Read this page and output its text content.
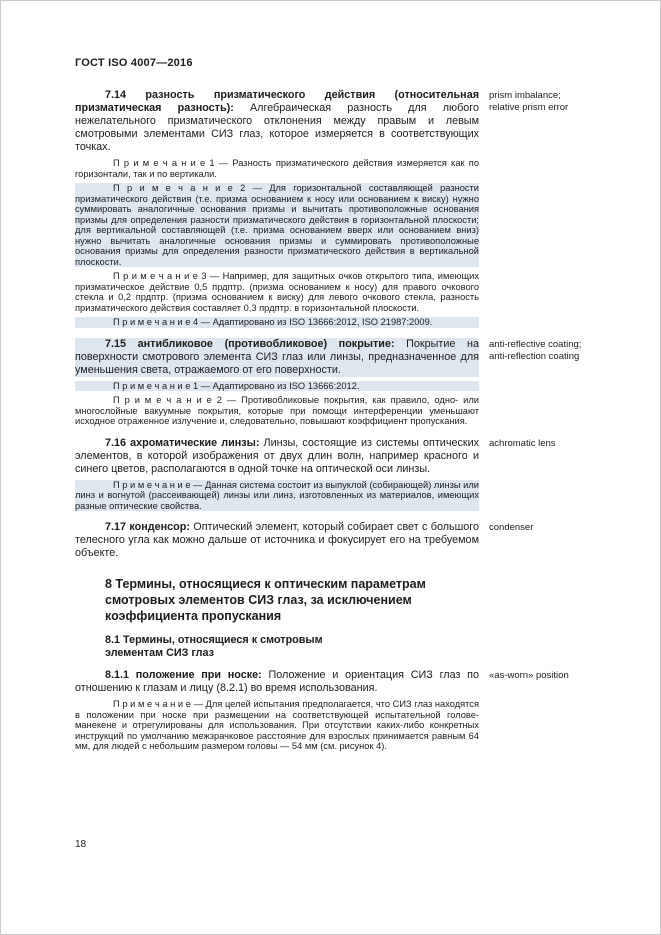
ГОСТ ISO 4007—2016

7.14 разность призматического действия (относительная призматическая разность): Алгебраическая разность для любого нежелательного призматического отклонения между правым и левым смотровыми элементами СИЗ глаз, которое измеряется в соответствующих точках.

П р и м е ч а н и е 1 — Разность призматического действия измеряется как по горизонтали, так и по вертикали.

П р и м е ч а н и е 2 — Для горизонтальной составляющей разности призматического действия (т.е. призма основанием к носу или основанием к виску) нужно суммировать аналогичные основания призмы и вычитать противоположные основания призмы для определения разности призматического действия в горизонтальной плоскости; для вертикальной составляющей (т.е. призма основанием вверх или основанием вниз) нужно вычитать аналогичные основания призмы и суммировать противоположные основания призмы для определения разности призматического действия в вертикальной плоскости.

П р и м е ч а н и е 3 — Например, для защитных очков открытого типа, имеющих призматическое действие 0,5 прдптр. (призма основанием к носу) для правого очкового стекла и 0,2 прдптр. (призма основанием к виску) для левого очкового стекла, разность призматического действия составляет 0,3 прдптр. в горизонтальной плоскости.

П р и м е ч а н и е 4 — Адаптировано из ISO 13666:2012, ISO 21987:2009.

prism imbalance;
relative prism error

7.15 антибликовое (противобликовое) покрытие: Покрытие на поверхности смотрового элемента СИЗ глаз или линзы, предназначенное для уменьшения света, отражаемого от его поверхности.

П р и м е ч а н и е 1 — Адаптировано из ISO 13666:2012.

П р и м е ч а н и е 2 — Противобликовые покрытия, как правило, одно- или многослойные вакуумные покрытия, которые при помощи интерференции уменьшают исходное отраженное излучение и, следовательно, повышают коэффициент пропускания.

anti-reflective coating;
anti-reflection coating

7.16 ахроматические линзы: Линзы, состоящие из системы оптических элементов, в которой изображения от двух длин волн, например красного и синего цветов, располагаются в одной точке на оптической оси линзы.

П р и м е ч а н и е — Данная система состоит из выпуклой (собирающей) линзы или линз и вогнутой (рассеивающей) линзы или линз, изготовленных из материалов, имеющих разные оптические свойства.

achromatic lens

7.17 конденсор: Оптический элемент, который собирает свет с большого телесного угла как можно дальше от источника и фокусирует его на требуемом объекте.

condenser
8 Термины, относящиеся к оптическим параметрам смотровых элементов СИЗ глаз, за исключением коэффициента пропускания
8.1 Термины, относящиеся к смотровым элементам СИЗ глаз

8.1.1 положение при носке: Положение и ориентация СИЗ глаз по отношению к глазам и лицу (8.2.1) во время использования.

П р и м е ч а н и е — Для целей испытания предполагается, что СИЗ глаз находятся в положении при носке при размещении на соответствующей испытательной голове-манекене и отрегулированы для использования. При отсутствии каких-либо конкретных инструкций по умолчанию межзрачковое расстояние для взрослых принимается равным 64 мм, для людей с небольшим размером головы — 54 мм (см. рисунок 4).

«as-worn» position
18
